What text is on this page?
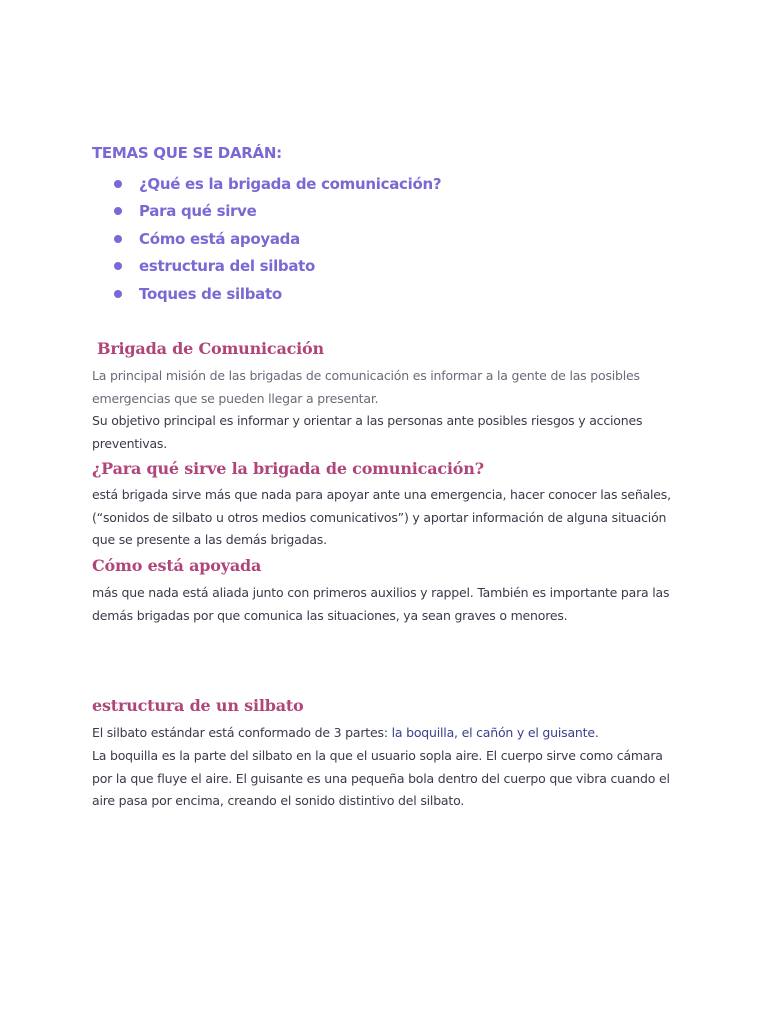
TEMAS QUE SE DARÁN:
¿Qué es la brigada de comunicación?
Para qué sirve
Cómo está apoyada
estructura del silbato
Toques de silbato
Brigada de Comunicación

La principal misión de las brigadas de comunicación es informar a la gente de las posibles emergencias que se pueden llegar a presentar.

Su objetivo principal es informar y orientar a las personas ante posibles riesgos y acciones preventivas.

¿Para qué sirve la brigada de comunicación?

está brigada sirve más que nada para apoyar ante una emergencia, hacer conocer las señales, (“sonidos de silbato u otros medios comunicativos”) y aportar información de alguna situación que se presente a las demás brigadas.

Cómo está apoyada

más que nada está aliada junto con primeros auxilios y rappel. También es importante para las demás brigadas por que comunica las situaciones, ya sean graves o menores.

estructura de un silbato

El silbato estándar está conformado de 3 partes: la boquilla, el cañón y el guisante.

La boquilla es la parte del silbato en la que el usuario sopla aire. El cuerpo sirve como cámara por la que fluye el aire. El guisante es una pequeña bola dentro del cuerpo que vibra cuando el aire pasa por encima, creando el sonido distintivo del silbato.
